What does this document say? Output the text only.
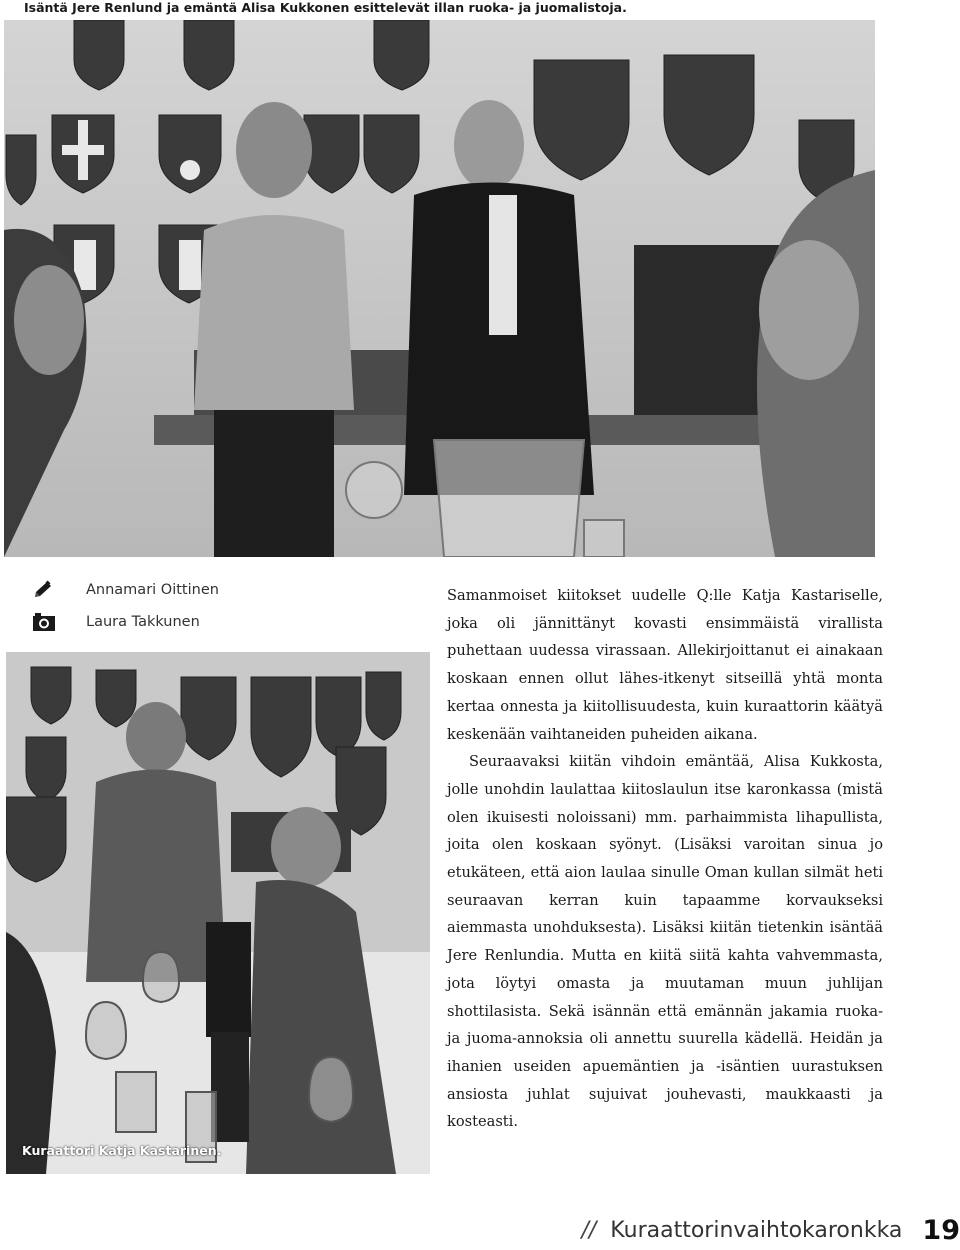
Isäntä Jere Renlund ja emäntä Alisa Kukkonen esittelevät illan ruoka- ja juomalistoja.
Annamari Oittinen
Laura Takkunen
Kuraattori Katja Kastarinen.

Samanmoiset kiitokset uudelle Q:lle Katja Kastariselle, joka oli jännittänyt kovasti ensimmäistä virallista puhettaan uudessa virassaan. Allekirjoittanut ei ainakaan koskaan ennen ollut lähes-itkenyt sitseillä yhtä monta kertaa onnesta ja kiitollisuudesta, kuin kuraattorin käätyä keskenään vaihtaneiden puheiden aikana.

Seuraavaksi kiitän vihdoin emäntää, Alisa Kukkosta, jolle unohdin laulattaa kiitoslaulun itse karonkassa (mistä olen ikuisesti noloissani) mm. parhaimmista lihapullista, joita olen koskaan syönyt. (Lisäksi varoitan sinua jo etukäteen, että aion laulaa sinulle Oman kullan silmät heti seuraavan kerran kuin tapaamme korvaukseksi aiemmasta unohduksesta). Lisäksi kiitän tietenkin isäntää Jere Renlundia. Mutta en kiitä siitä kahta vahvemmasta, jota löytyi omasta ja muutaman muun juhlijan shottilasista. Sekä isännän että emännän jakamia ruoka- ja juoma-annoksia oli annettu suurella kädellä. Heidän ja ihanien useiden apuemäntien ja -isäntien uurastuksen ansiosta juhlat sujuivat jouhevasti, maukkaasti ja kosteasti.

// Kuraattorinvaihtokaronkka 19
